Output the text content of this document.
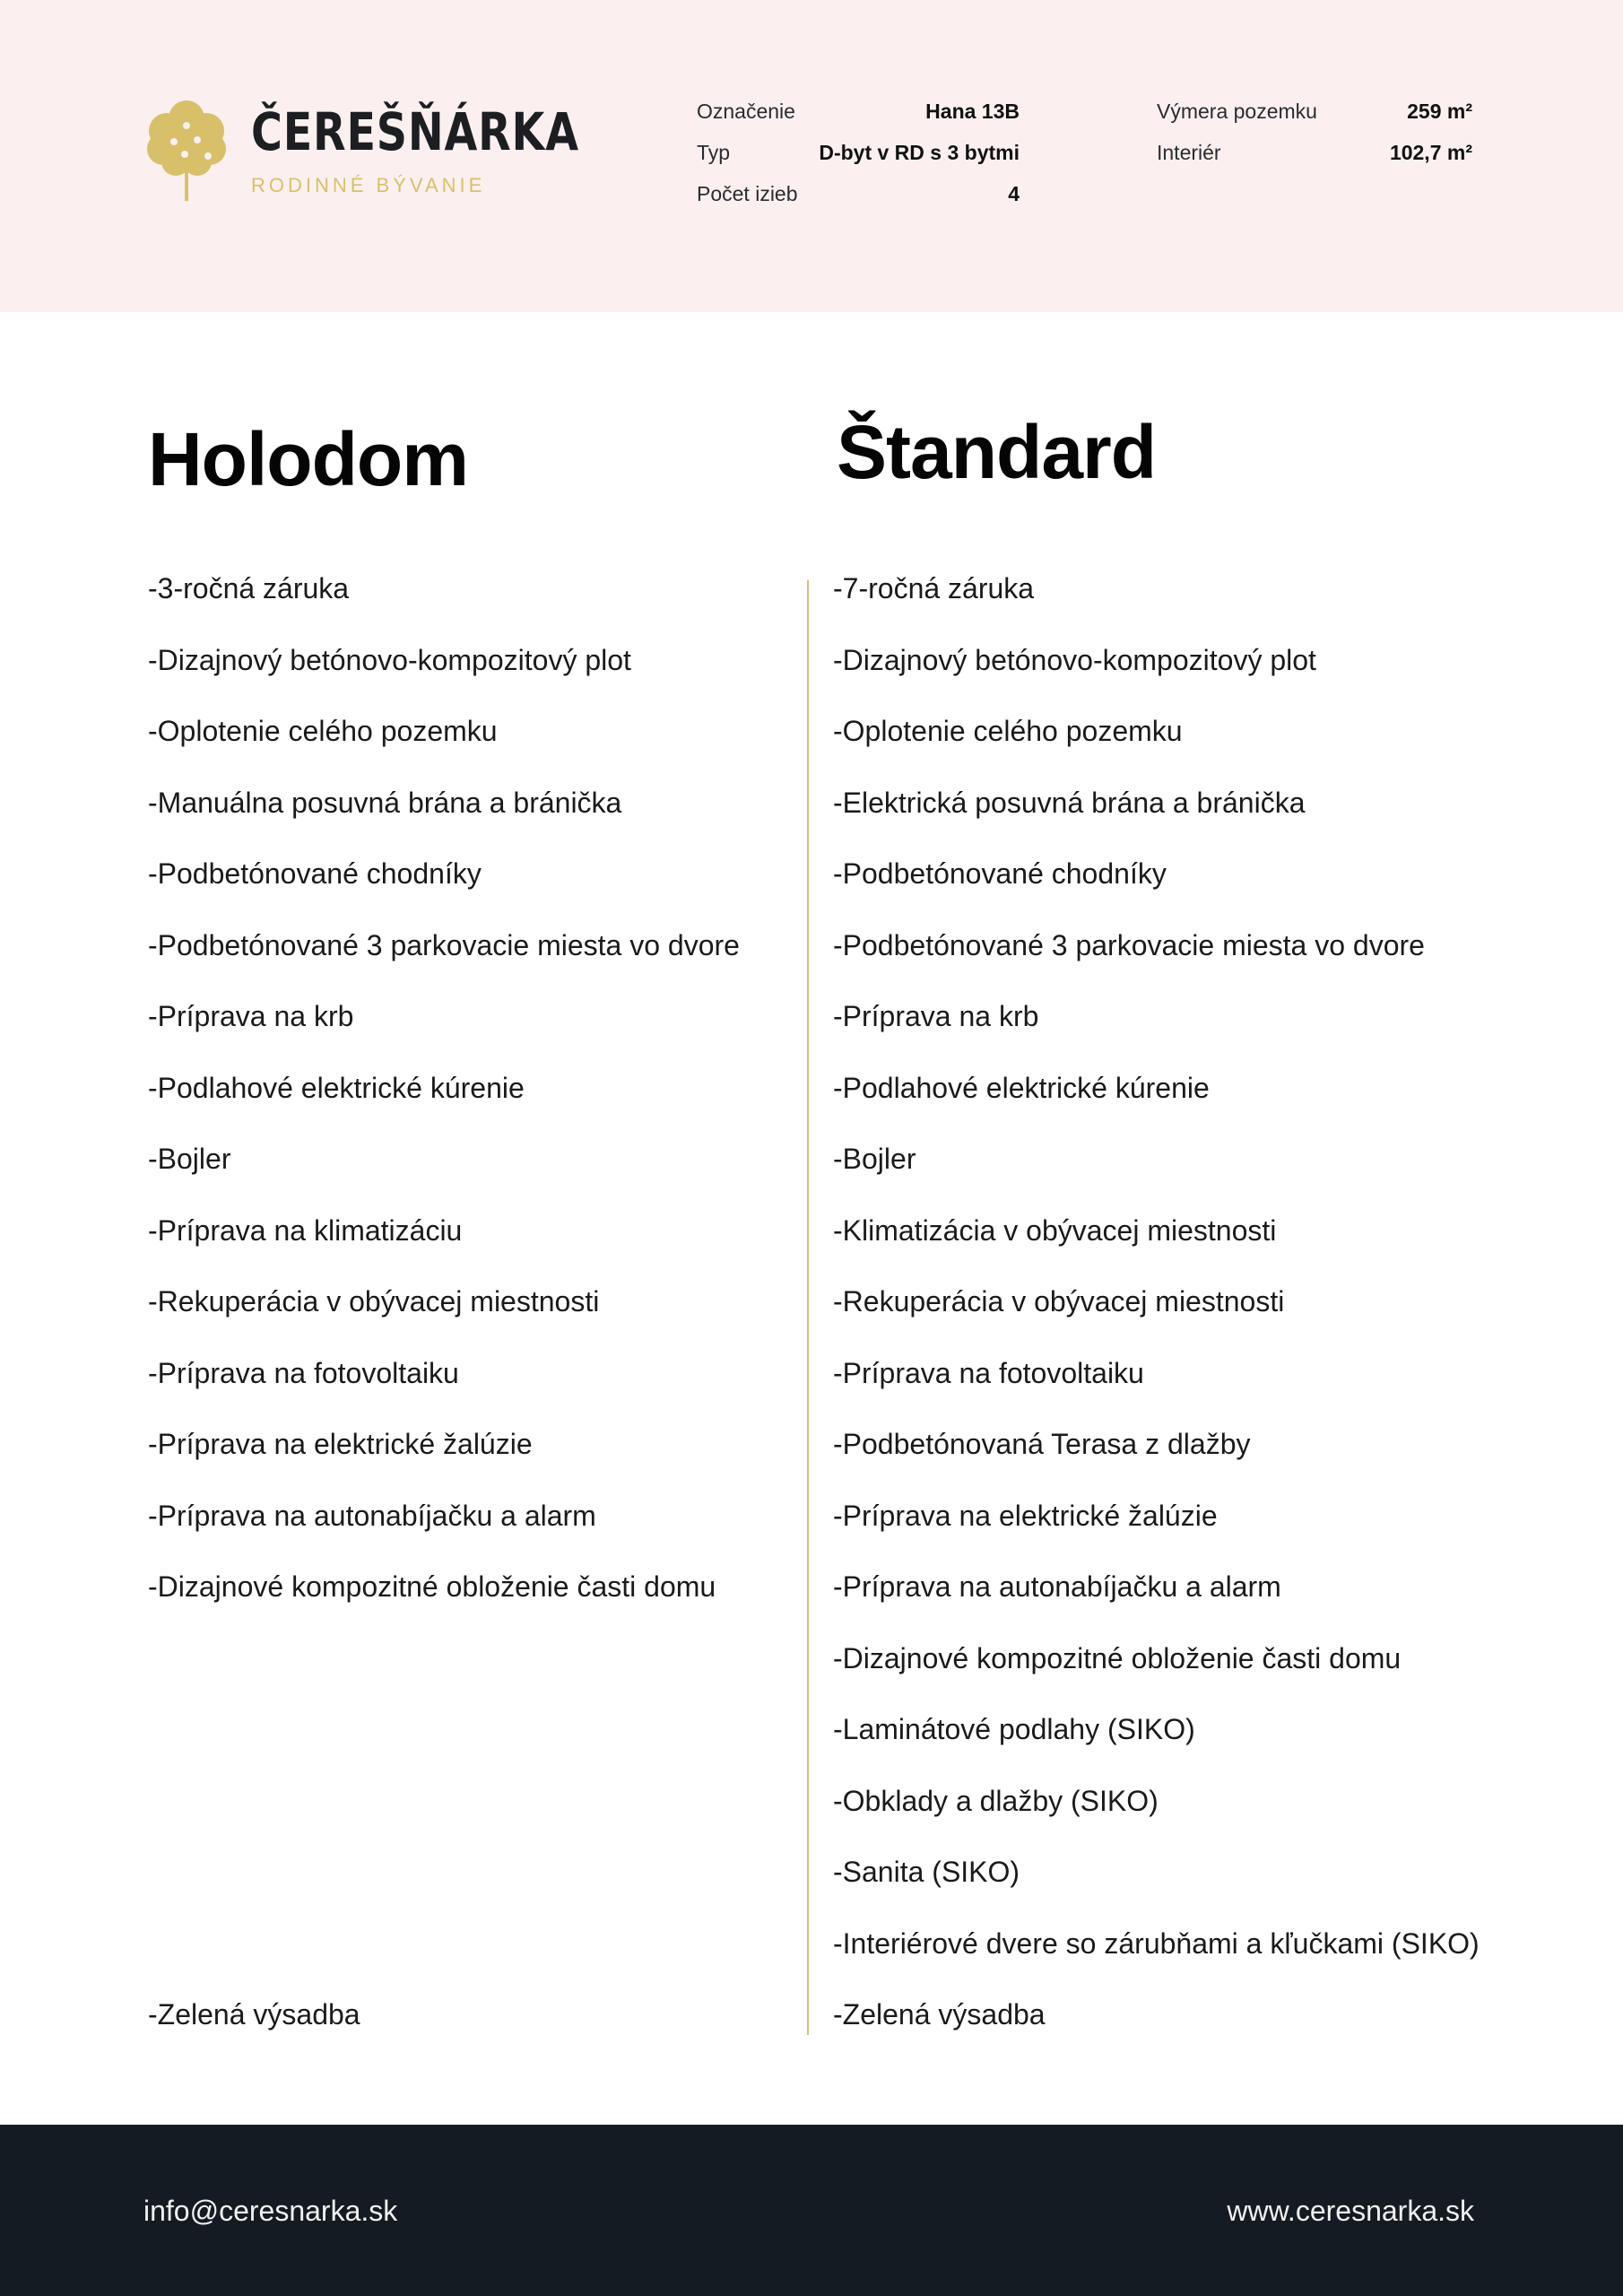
ČEREŠŇÁRKA
RODINNÉ BÝVANIE
Označenie	Hana 13B
Typ	D-byt v RD s 3 bytmi
Počet izieb	4
Výmera pozemku	259 m²
Interiér	102,7 m²
Holodom	Štandard
-3-ročná záruka
-Dizajnový betónovo-kompozitový plot
-Oplotenie celého pozemku
-Manuálna posuvná brána a bránička
-Podbetónované chodníky
-Podbetónované 3 parkovacie miesta vo dvore
-Príprava na krb
-Podlahové elektrické kúrenie
-Bojler
-Príprava na klimatizáciu
-Rekuperácia v obývacej miestnosti
-Príprava na fotovoltaiku
-Príprava na elektrické žalúzie
-Príprava na autonabíjačku a alarm
-Dizajnové kompozitné obloženie časti domu
-Zelená výsadba
-7-ročná záruka
-Dizajnový betónovo-kompozitový plot
-Oplotenie celého pozemku
-Elektrická posuvná brána a bránička
-Podbetónované chodníky
-Podbetónované 3 parkovacie miesta vo dvore
-Príprava na krb
-Podlahové elektrické kúrenie
-Bojler
-Klimatizácia v obývacej miestnosti
-Rekuperácia v obývacej miestnosti
-Príprava na fotovoltaiku
-Podbetónovaná Terasa z dlažby
-Príprava na elektrické žalúzie
-Príprava na autonabíjačku a alarm
-Dizajnové kompozitné obloženie časti domu
-Laminátové podlahy (SIKO)
-Obklady a dlažby (SIKO)
-Sanita (SIKO)
-Interiérové dvere so zárubňami a kľučkami (SIKO)
-Zelená výsadba
info@ceresnarka.sk	www.ceresnarka.sk
